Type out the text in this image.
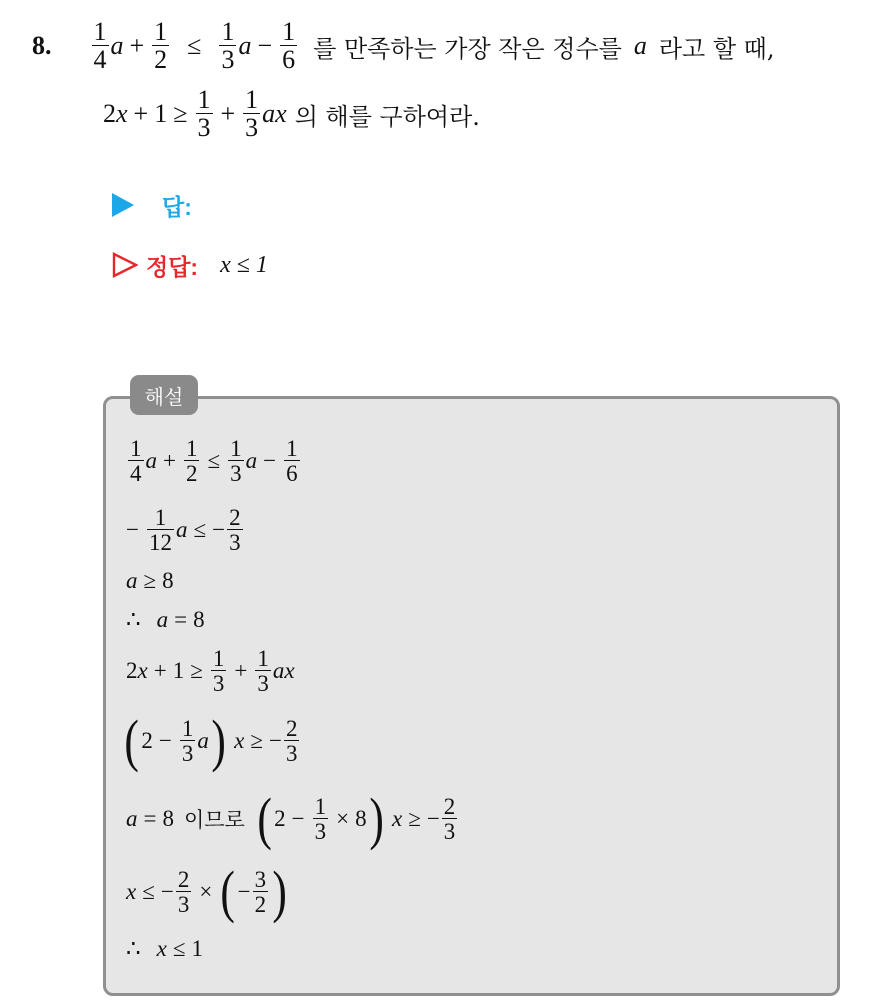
8. $\frac{1}{4}$ $a + \frac{1}{2} \le \frac{1}{3}$ $a - \frac{1}{6}$ 를 만족하는 가장 작은 정수를 a 라고 할 때,
2 $x + 1 \ge \frac{1}{3} + \frac{1}{3}$ ax 의 해를 구하여라.
답:
정답: x ≤ 1
해설
$\frac{1}{4}$ $a + \frac{1}{2} \le \frac{1}{3}$ $a - \frac{1}{6}$
− $\frac{1}{12}$ a ≤ − $\frac{2}{3}$
a ≥ 8
∴ a = 8
2 $x + 1 \ge \frac{1}{3} + \frac{1}{3}$ ax
( $2 - \frac{1}{3}$ a ) x ≥ − $\frac{2}{3}$
a = 8 이므로 ( $2 - \frac{1}{3} \times 8$ ) x ≥ − $\frac{2}{3}$
x ≤ − $\frac{2}{3}$ × ( − $\frac{3}{2}$ )
∴ x ≤ 1
